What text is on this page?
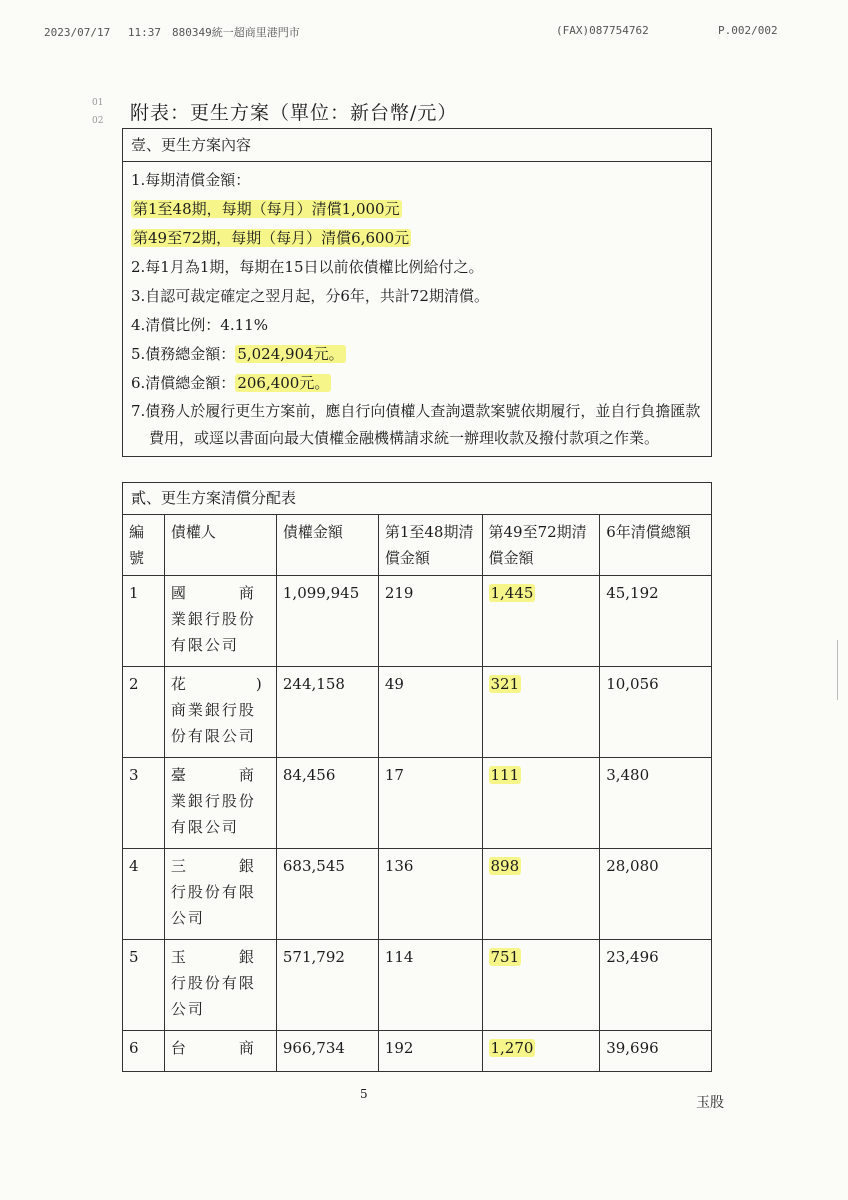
2023/07/17　 11:37 880349統一超商里港門市	(FAX)087754762	P.002/002
01
02 附表：更生方案（單位：新台幣/元）
壹、更生方案內容
1.每期清償金額：
第1至48期，每期（每月）清償1,000元
第49至72期，每期（每月）清償6,600元
2.每1月為1期，每期在15日以前依債權比例給付之。
3.自認可裁定確定之翌月起，分6年，共計72期清償。
4.清償比例：4.11%
5.債務總金額： 5,024,904元。
6.清償總金額： 206,400元。
7.債務人於履行更生方案前，應自行向債權人查詢還款案號依期履行，並自行負擔匯款費用，或逕以書面向最大債權金融機構請求統一辦理收款及撥付款項之作業。
貳、更生方案清償分配表
編號	債權人	債權金額	第1至48期清償金額	第49至72期清償金額	6年清償總額
1	國　　　商
業銀行股份
有限公司	1,099,945	219	1,445	45,192
2	花　　　　)
商業銀行股
份有限公司	244,158	49	321	10,056
3	臺　　　商
業銀行股份
有限公司	84,456	17	111	3,480
4	三　　　銀
行股份有限
公司	683,545	136	898	28,080
5	玉　　　銀
行股份有限
公司	571,792	114	751	23,496
6	台　　　商	966,734	192	1,270	39,696
5
玉股
